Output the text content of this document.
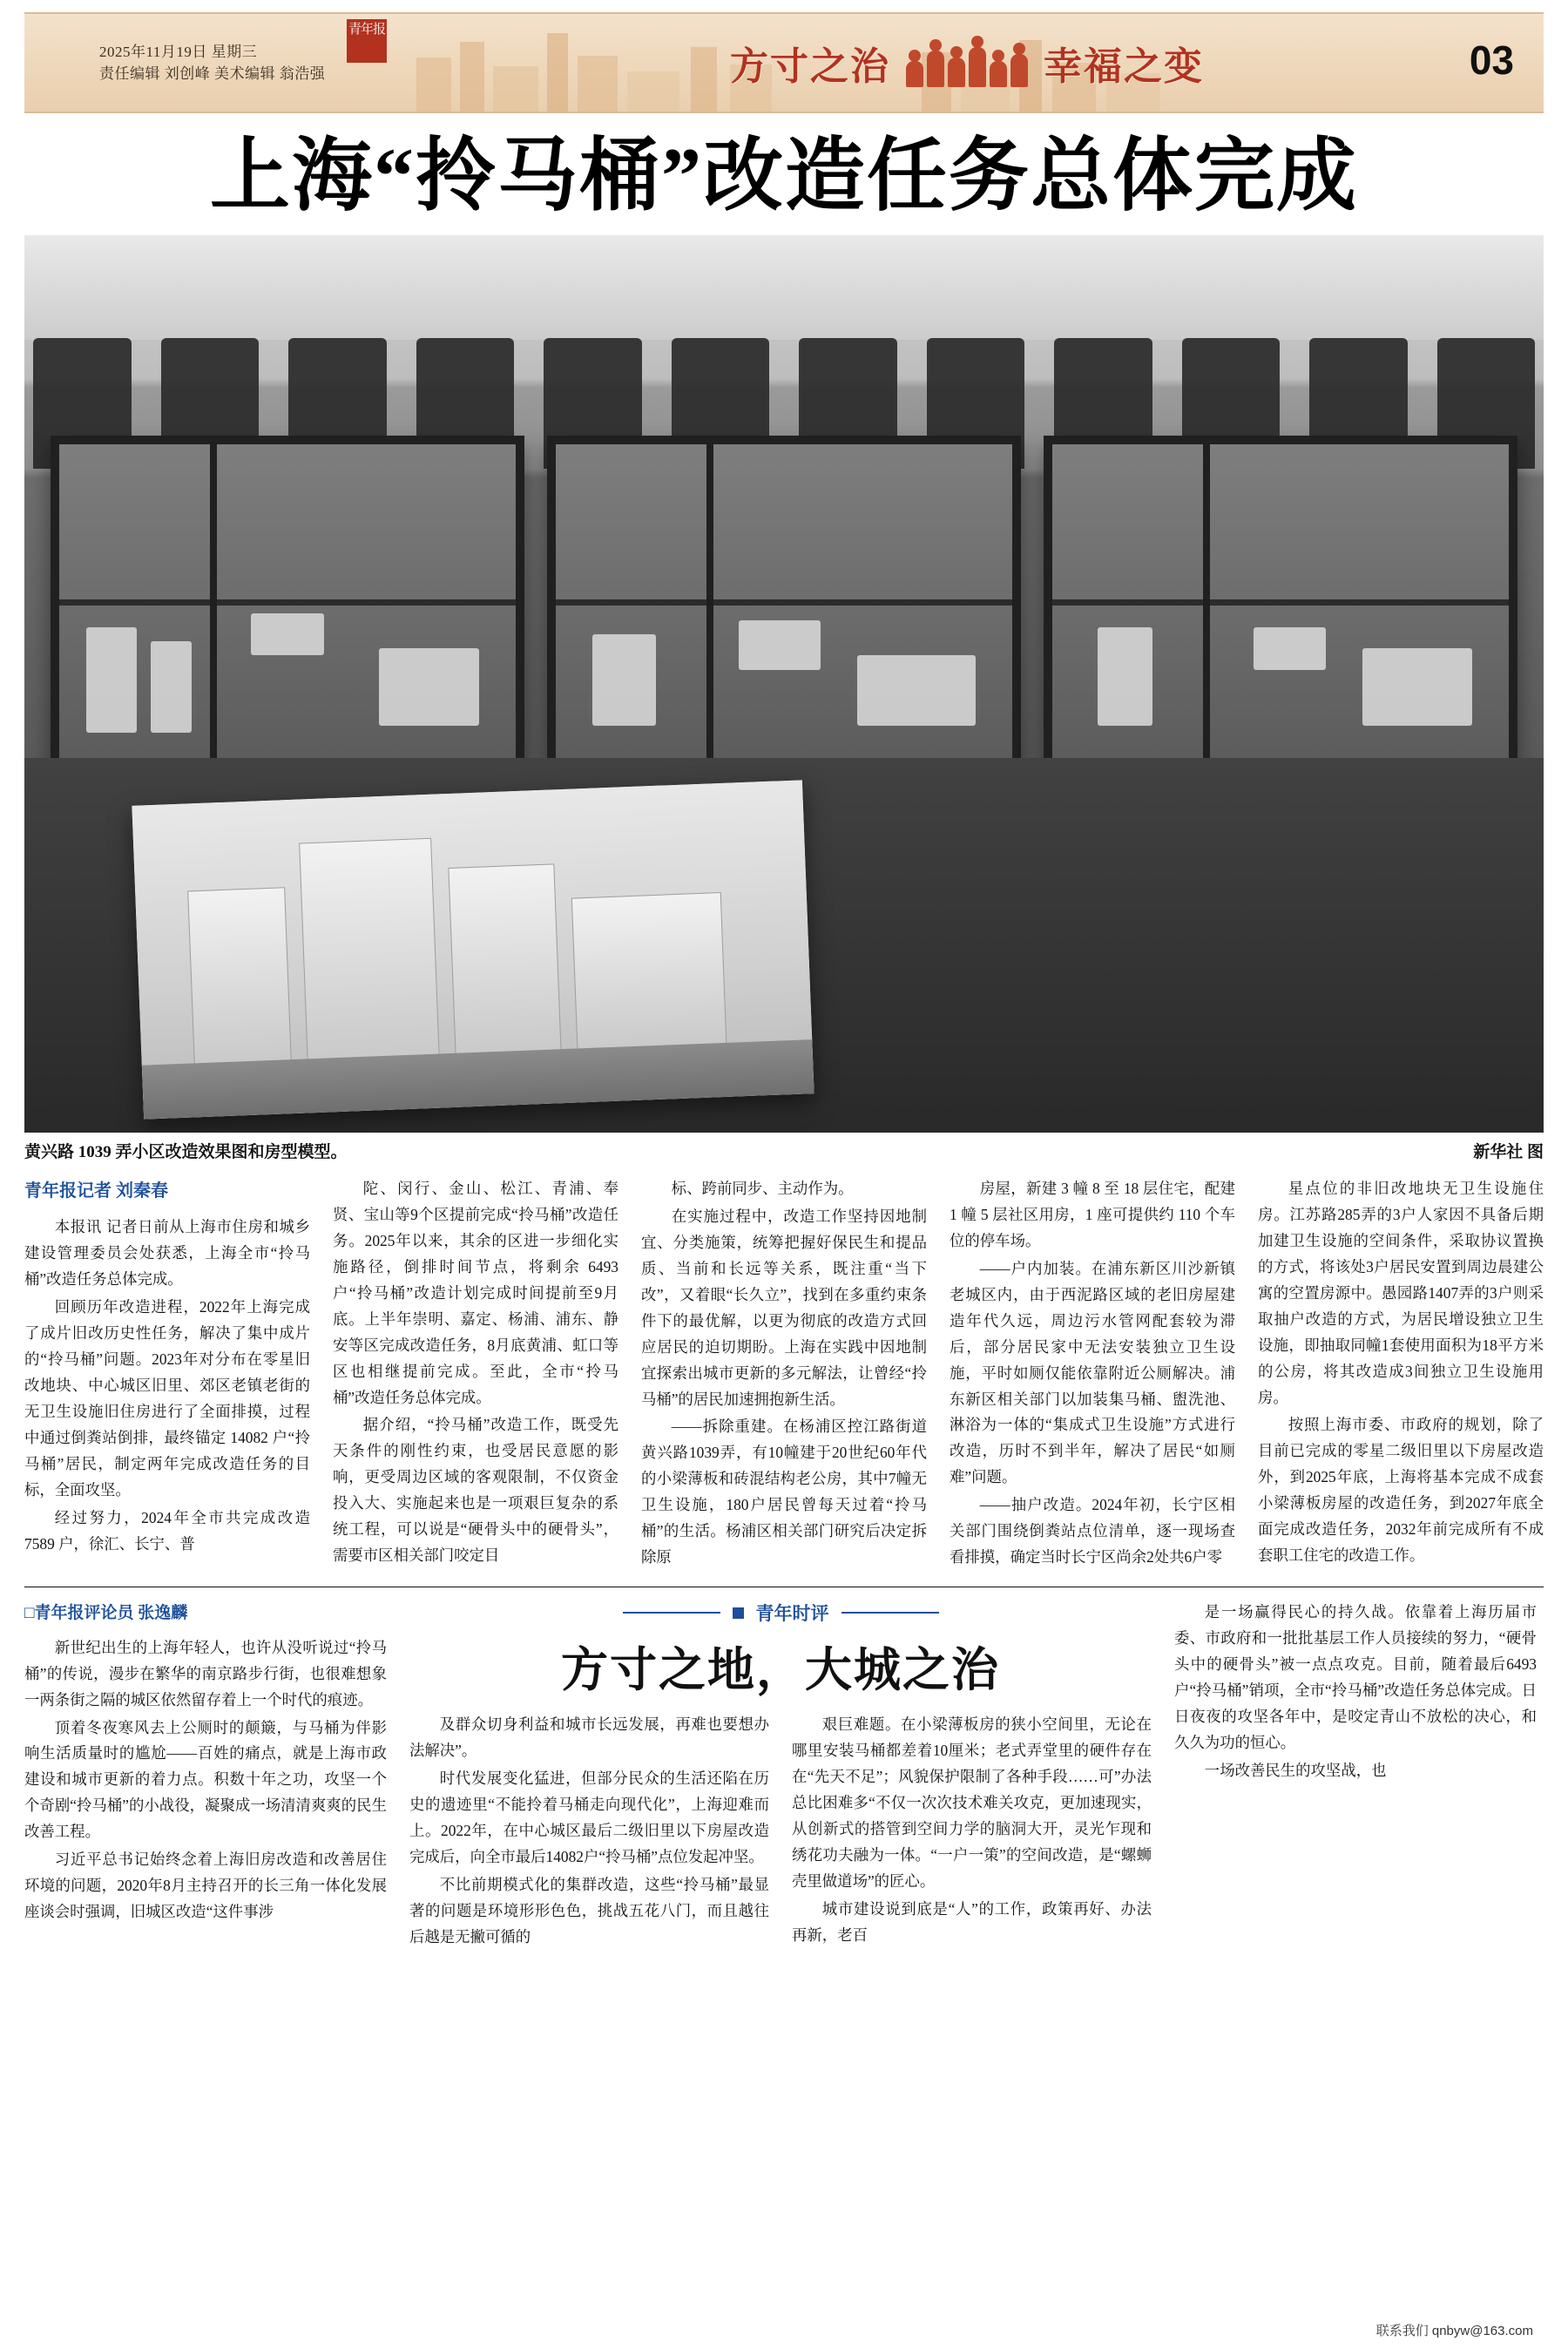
2025年11月19日 星期三
责任编辑 刘创峰 美术编辑 翁浩强
青年报
方寸之治	幸福之变	03
上海“拎马桶”改造任务总体完成
黄兴路 1039 弄小区改造效果图和房型模型。	新华社 图
青年报记者 刘秦春

本报讯 记者日前从上海市住房和城乡建设管理委员会处获悉，上海全市“拎马桶”改造任务总体完成。

回顾历年改造进程，2022年上海完成了成片旧改历史性任务，解决了集中成片的“拎马桶”问题。2023年对分布在零星旧改地块、中心城区旧里、郊区老镇老街的无卫生设施旧住房进行了全面排摸，过程中通过倒粪站倒排，最终锚定 14082 户“拎马桶”居民，制定两年完成改造任务的目标，全面攻坚。

经过努力，2024年全市共完成改造 7589 户，徐汇、长宁、普

陀、闵行、金山、松江、青浦、奉贤、宝山等9个区提前完成“拎马桶”改造任务。2025年以来，其余的区进一步细化实施路径，倒排时间节点，将剩余 6493 户“拎马桶”改造计划完成时间提前至9月底。上半年崇明、嘉定、杨浦、浦东、静安等区完成改造任务，8月底黄浦、虹口等区也相继提前完成。至此，全市“拎马桶”改造任务总体完成。

据介绍，“拎马桶”改造工作，既受先天条件的刚性约束，也受居民意愿的影响，更受周边区域的客观限制，不仅资金投入大、实施起来也是一项艰巨复杂的系统工程，可以说是“硬骨头中的硬骨头”，需要市区相关部门咬定目

标、跨前同步、主动作为。

在实施过程中，改造工作坚持因地制宜、分类施策，统筹把握好保民生和提品质、当前和长远等关系，既注重“当下改”，又着眼“长久立”，找到在多重约束条件下的最优解，以更为彻底的改造方式回应居民的迫切期盼。上海在实践中因地制宜探索出城市更新的多元解法，让曾经“拎马桶”的居民加速拥抱新生活。

——拆除重建。在杨浦区控江路街道黄兴路1039弄，有10幢建于20世纪60年代的小梁薄板和砖混结构老公房，其中7幢无卫生设施，180户居民曾每天过着“拎马桶”的生活。杨浦区相关部门研究后决定拆除原

房屋，新建 3 幢 8 至 18 层住宅，配建 1 幢 5 层社区用房，1 座可提供约 110 个车位的停车场。

——户内加装。在浦东新区川沙新镇老城区内，由于西泥路区域的老旧房屋建造年代久远，周边污水管网配套较为滞后，部分居民家中无法安装独立卫生设施，平时如厕仅能依靠附近公厕解决。浦东新区相关部门以加装集马桶、盥洗池、淋浴为一体的“集成式卫生设施”方式进行改造，历时不到半年，解决了居民“如厕难”问题。

——抽户改造。2024年初，长宁区相关部门围绕倒粪站点位清单，逐一现场查看排摸，确定当时长宁区尚余2处共6户零

星点位的非旧改地块无卫生设施住房。江苏路285弄的3户人家因不具备后期加建卫生设施的空间条件，采取协议置换的方式，将该处3户居民安置到周边晨建公寓的空置房源中。愚园路1407弄的3户则采取抽户改造的方式，为居民增设独立卫生设施，即抽取同幢1套使用面积为18平方米的公房，将其改造成3间独立卫生设施用房。

按照上海市委、市政府的规划，除了目前已完成的零星二级旧里以下房屋改造外，到2025年底，上海将基本完成不成套小梁薄板房屋的改造任务，到2027年底全面完成改造任务，2032年前完成所有不成套职工住宅的改造工作。

□青年报评论员 张逸麟

新世纪出生的上海年轻人，也许从没听说过“拎马桶”的传说，漫步在繁华的南京路步行街，也很难想象一两条街之隔的城区依然留存着上一个时代的痕迹。

顶着冬夜寒风去上公厕时的颠簸，与马桶为伴影响生活质量时的尴尬——百姓的痛点，就是上海市政建设和城市更新的着力点。积数十年之功，攻坚一个个奇剧“拎马桶”的小战役，凝聚成一场清清爽爽的民生改善工程。

习近平总书记始终念着上海旧房改造和改善居住环境的问题，2020年8月主持召开的长三角一体化发展座谈会时强调，旧城区改造“这件事涉

青年时评
方寸之地，大城之治

及群众切身利益和城市长远发展，再难也要想办法解决”。

时代发展变化猛进，但部分民众的生活还陷在历史的遗迹里“不能拎着马桶走向现代化”，上海迎难而上。2022年，在中心城区最后二级旧里以下房屋改造完成后，向全市最后14082户“拎马桶”点位发起冲坚。

不比前期模式化的集群改造，这些“拎马桶”最显著的问题是环境形形色色，挑战五花八门，而且越往后越是无撇可循的

艰巨难题。在小梁薄板房的狭小空间里，无论在哪里安装马桶都差着10厘米；老式弄堂里的硬件存在在“先天不足”；风貌保护限制了各种手段……可”办法总比困难多“不仅一次次技术难关攻克，更加速现实，从创新式的搭管到空间力学的脑洞大开，灵光乍现和绣花功夫融为一体。“一户一策”的空间改造，是“螺蛳壳里做道场”的匠心。

城市建设说到底是“人”的工作，政策再好、办法再新，老百

是一场赢得民心的持久战。依靠着上海历届市委、市政府和一批批基层工作人员接续的努力，“硬骨头中的硬骨头”被一点点攻克。目前，随着最后6493户“拎马桶”销项，全市“拎马桶”改造任务总体完成。日日夜夜的攻坚各年中，是咬定青山不放松的决心，和久久为功的恒心。

一场改善民生的攻坚战，也

联系我们 qnbyw@163.com
